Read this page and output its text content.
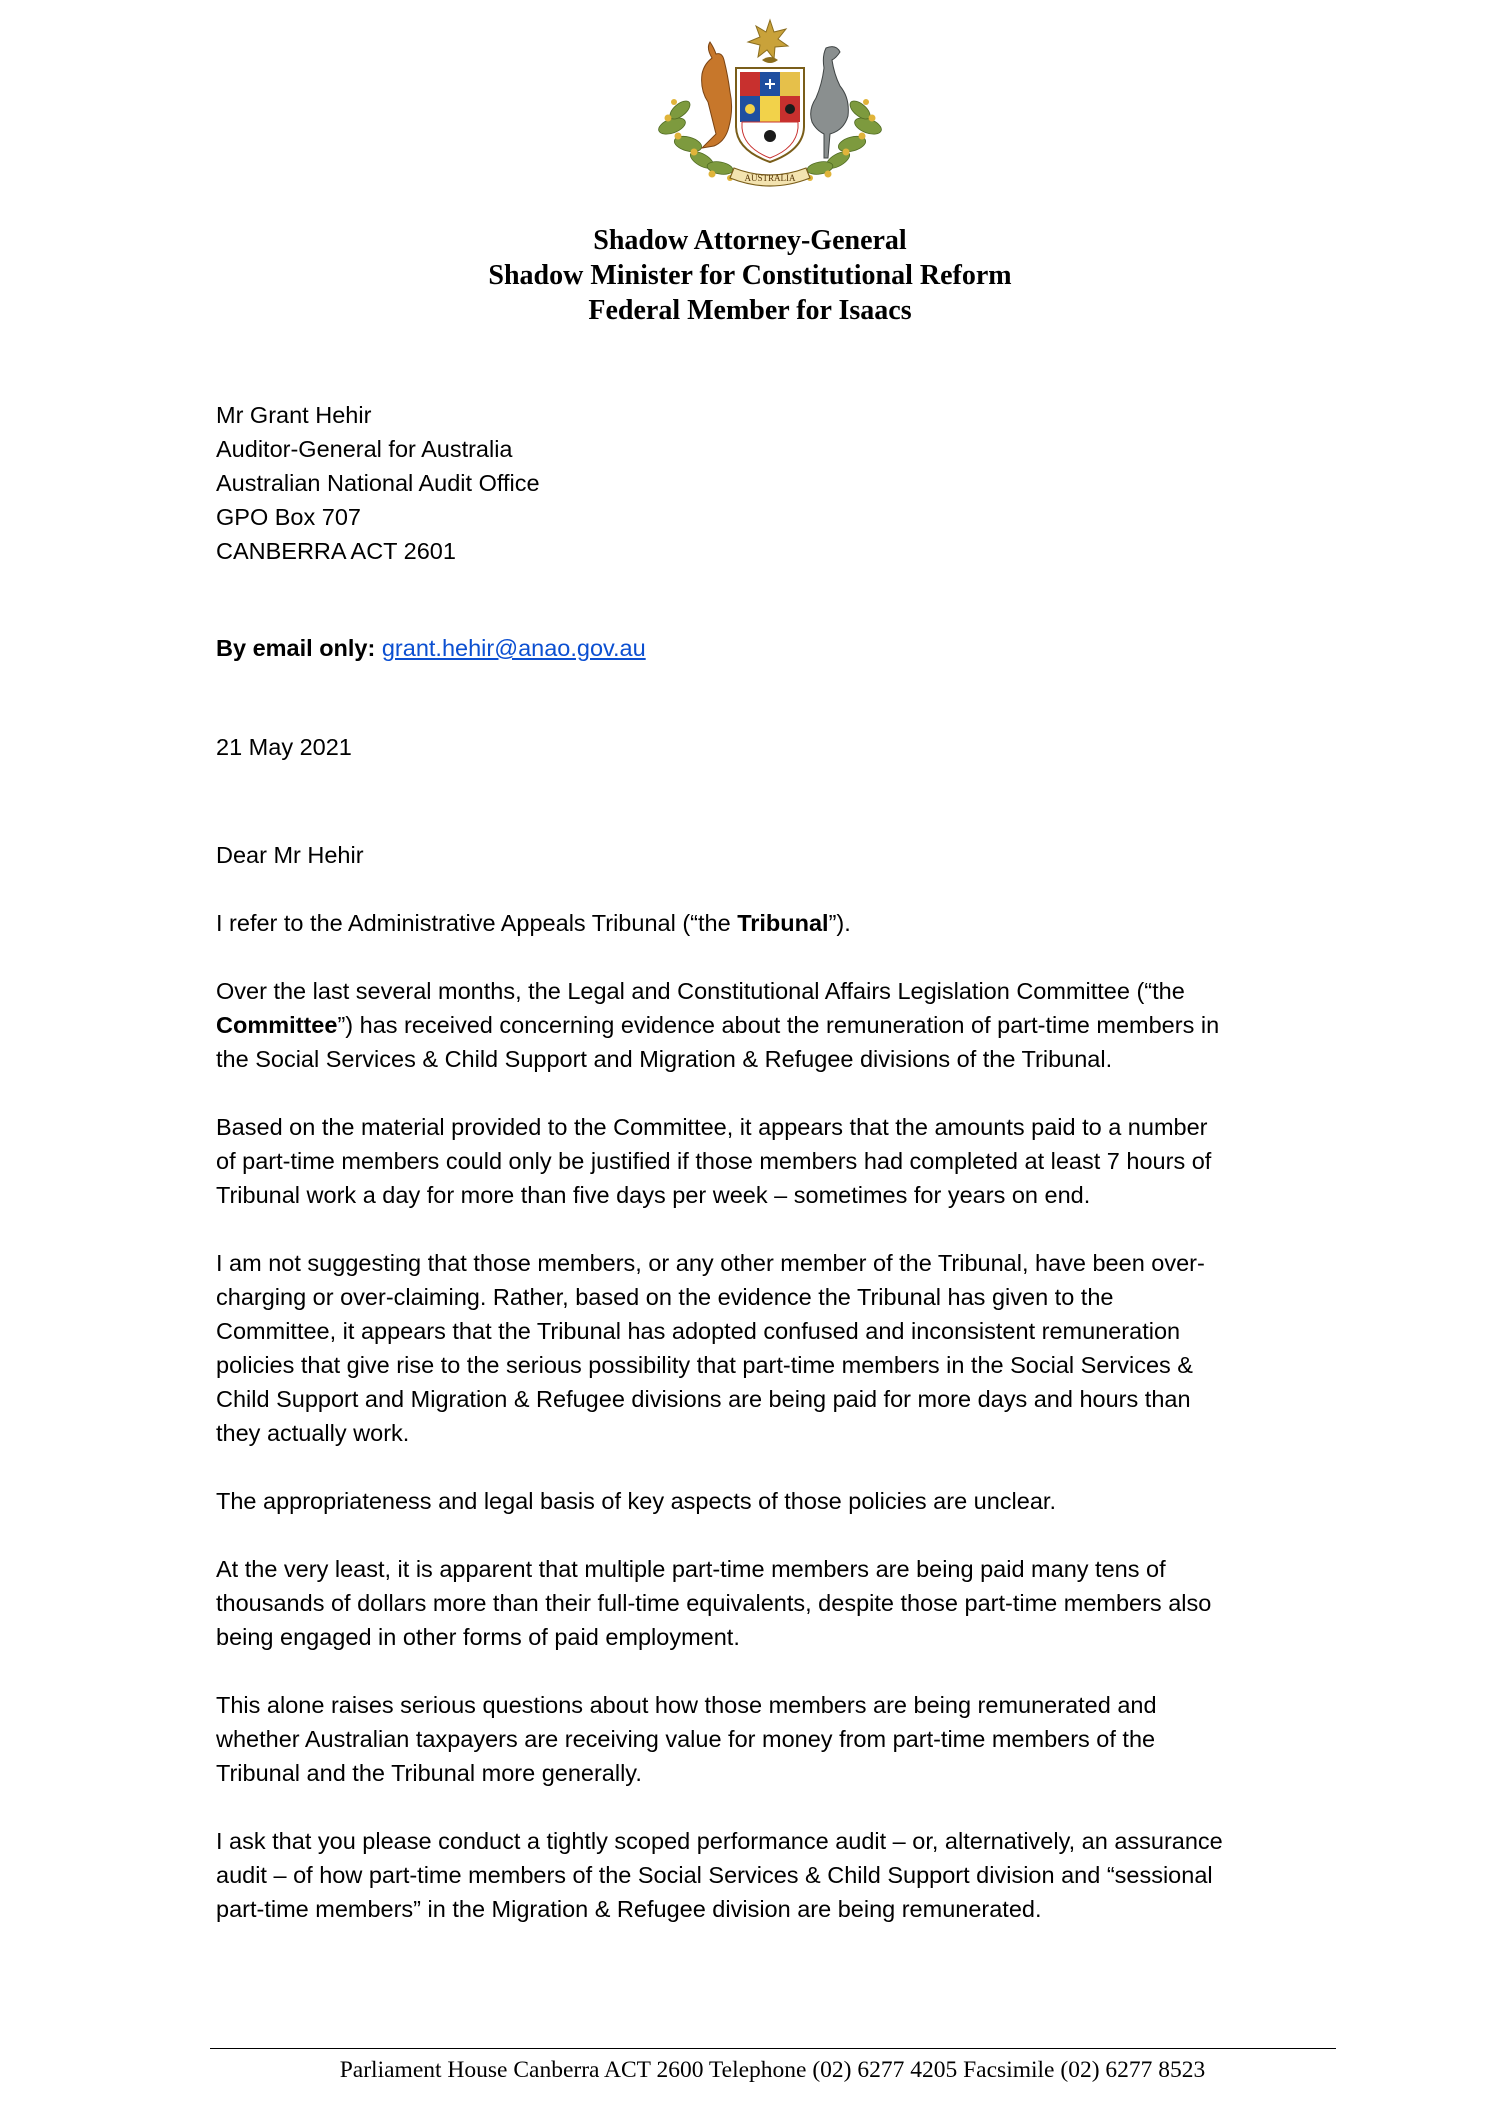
AUSTRALIA
Shadow Attorney-General
Shadow Minister for Constitutional Reform
Federal Member for Isaacs
Mr Grant Hehir
Auditor-General for Australia
Australian National Audit Office
GPO Box 707
CANBERRA ACT 2601
By email only: grant.hehir@anao.gov.au
21 May 2021
Dear Mr Hehir

I refer to the Administrative Appeals Tribunal (“the Tribunal”).

Over the last several months, the Legal and Constitutional Affairs Legislation Committee (“the
Committee”) has received concerning evidence about the remuneration of part-time members in
the Social Services & Child Support and Migration & Refugee divisions of the Tribunal.

Based on the material provided to the Committee, it appears that the amounts paid to a number
of part-time members could only be justified if those members had completed at least 7 hours of
Tribunal work a day for more than five days per week – sometimes for years on end.

I am not suggesting that those members, or any other member of the Tribunal, have been over-
charging or over-claiming. Rather, based on the evidence the Tribunal has given to the
Committee, it appears that the Tribunal has adopted confused and inconsistent remuneration
policies that give rise to the serious possibility that part-time members in the Social Services &
Child Support and Migration & Refugee divisions are being paid for more days and hours than
they actually work.

The appropriateness and legal basis of key aspects of those policies are unclear.

At the very least, it is apparent that multiple part-time members are being paid many tens of
thousands of dollars more than their full-time equivalents, despite those part-time members also
being engaged in other forms of paid employment.

This alone raises serious questions about how those members are being remunerated and
whether Australian taxpayers are receiving value for money from part-time members of the
Tribunal and the Tribunal more generally.

I ask that you please conduct a tightly scoped performance audit – or, alternatively, an assurance
audit – of how part-time members of the Social Services & Child Support division and “sessional
part-time members” in the Migration & Refugee division are being remunerated.

Parliament House Canberra ACT 2600 Telephone (02) 6277 4205 Facsimile (02) 6277 8523
